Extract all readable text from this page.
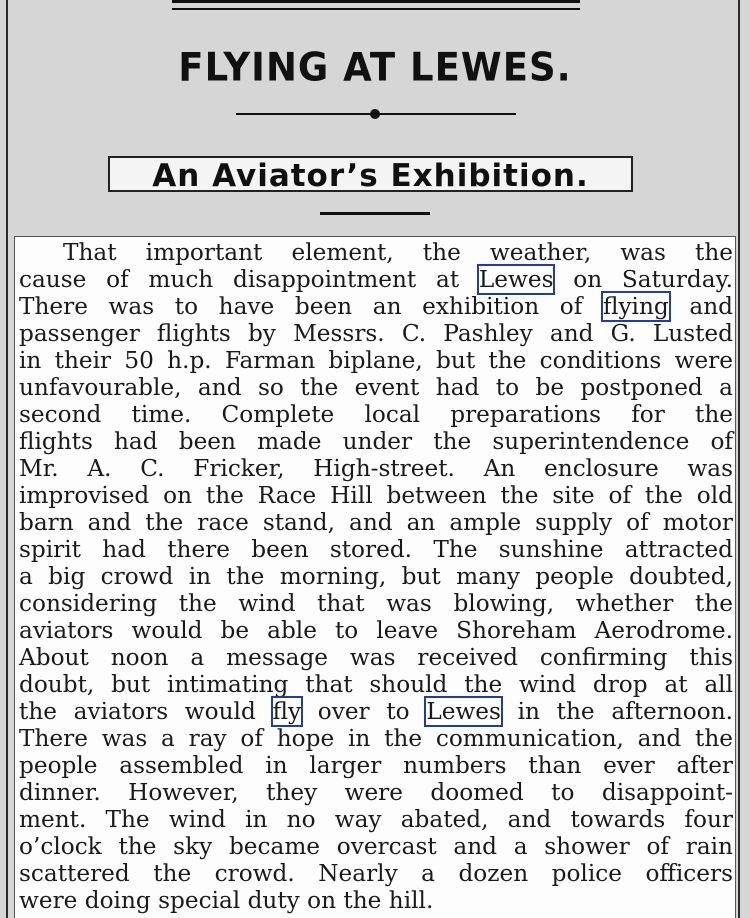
FLYING AT LEWES.
An Aviator’s Exhibition.
That important element, the weather, was the
cause of much disappointment at Lewes on Saturday.
There was to have been an exhibition of flying and
passenger flights by Messrs. C. Pashley and G. Lusted
in their 50 h.p. Farman biplane, but the conditions were
unfavourable, and so the event had to be postponed a
second time. Complete local preparations for the
flights had been made under the superintendence of
Mr. A. C. Fricker, High-street. An enclosure was
improvised on the Race Hill between the site of the old
barn and the race stand, and an ample supply of motor
spirit had there been stored. The sunshine attracted
a big crowd in the morning, but many people doubted,
considering the wind that was blowing, whether the
aviators would be able to leave Shoreham Aerodrome.
About noon a message was received confirming this
doubt, but intimating that should the wind drop at all
the aviators would fly over to Lewes in the afternoon.
There was a ray of hope in the communication, and the
people assembled in larger numbers than ever after
dinner. However, they were doomed to disappoint-
ment. The wind in no way abated, and towards four
o’clock the sky became overcast and a shower of rain
scattered the crowd. Nearly a dozen police officers
were doing special duty on the hill.
